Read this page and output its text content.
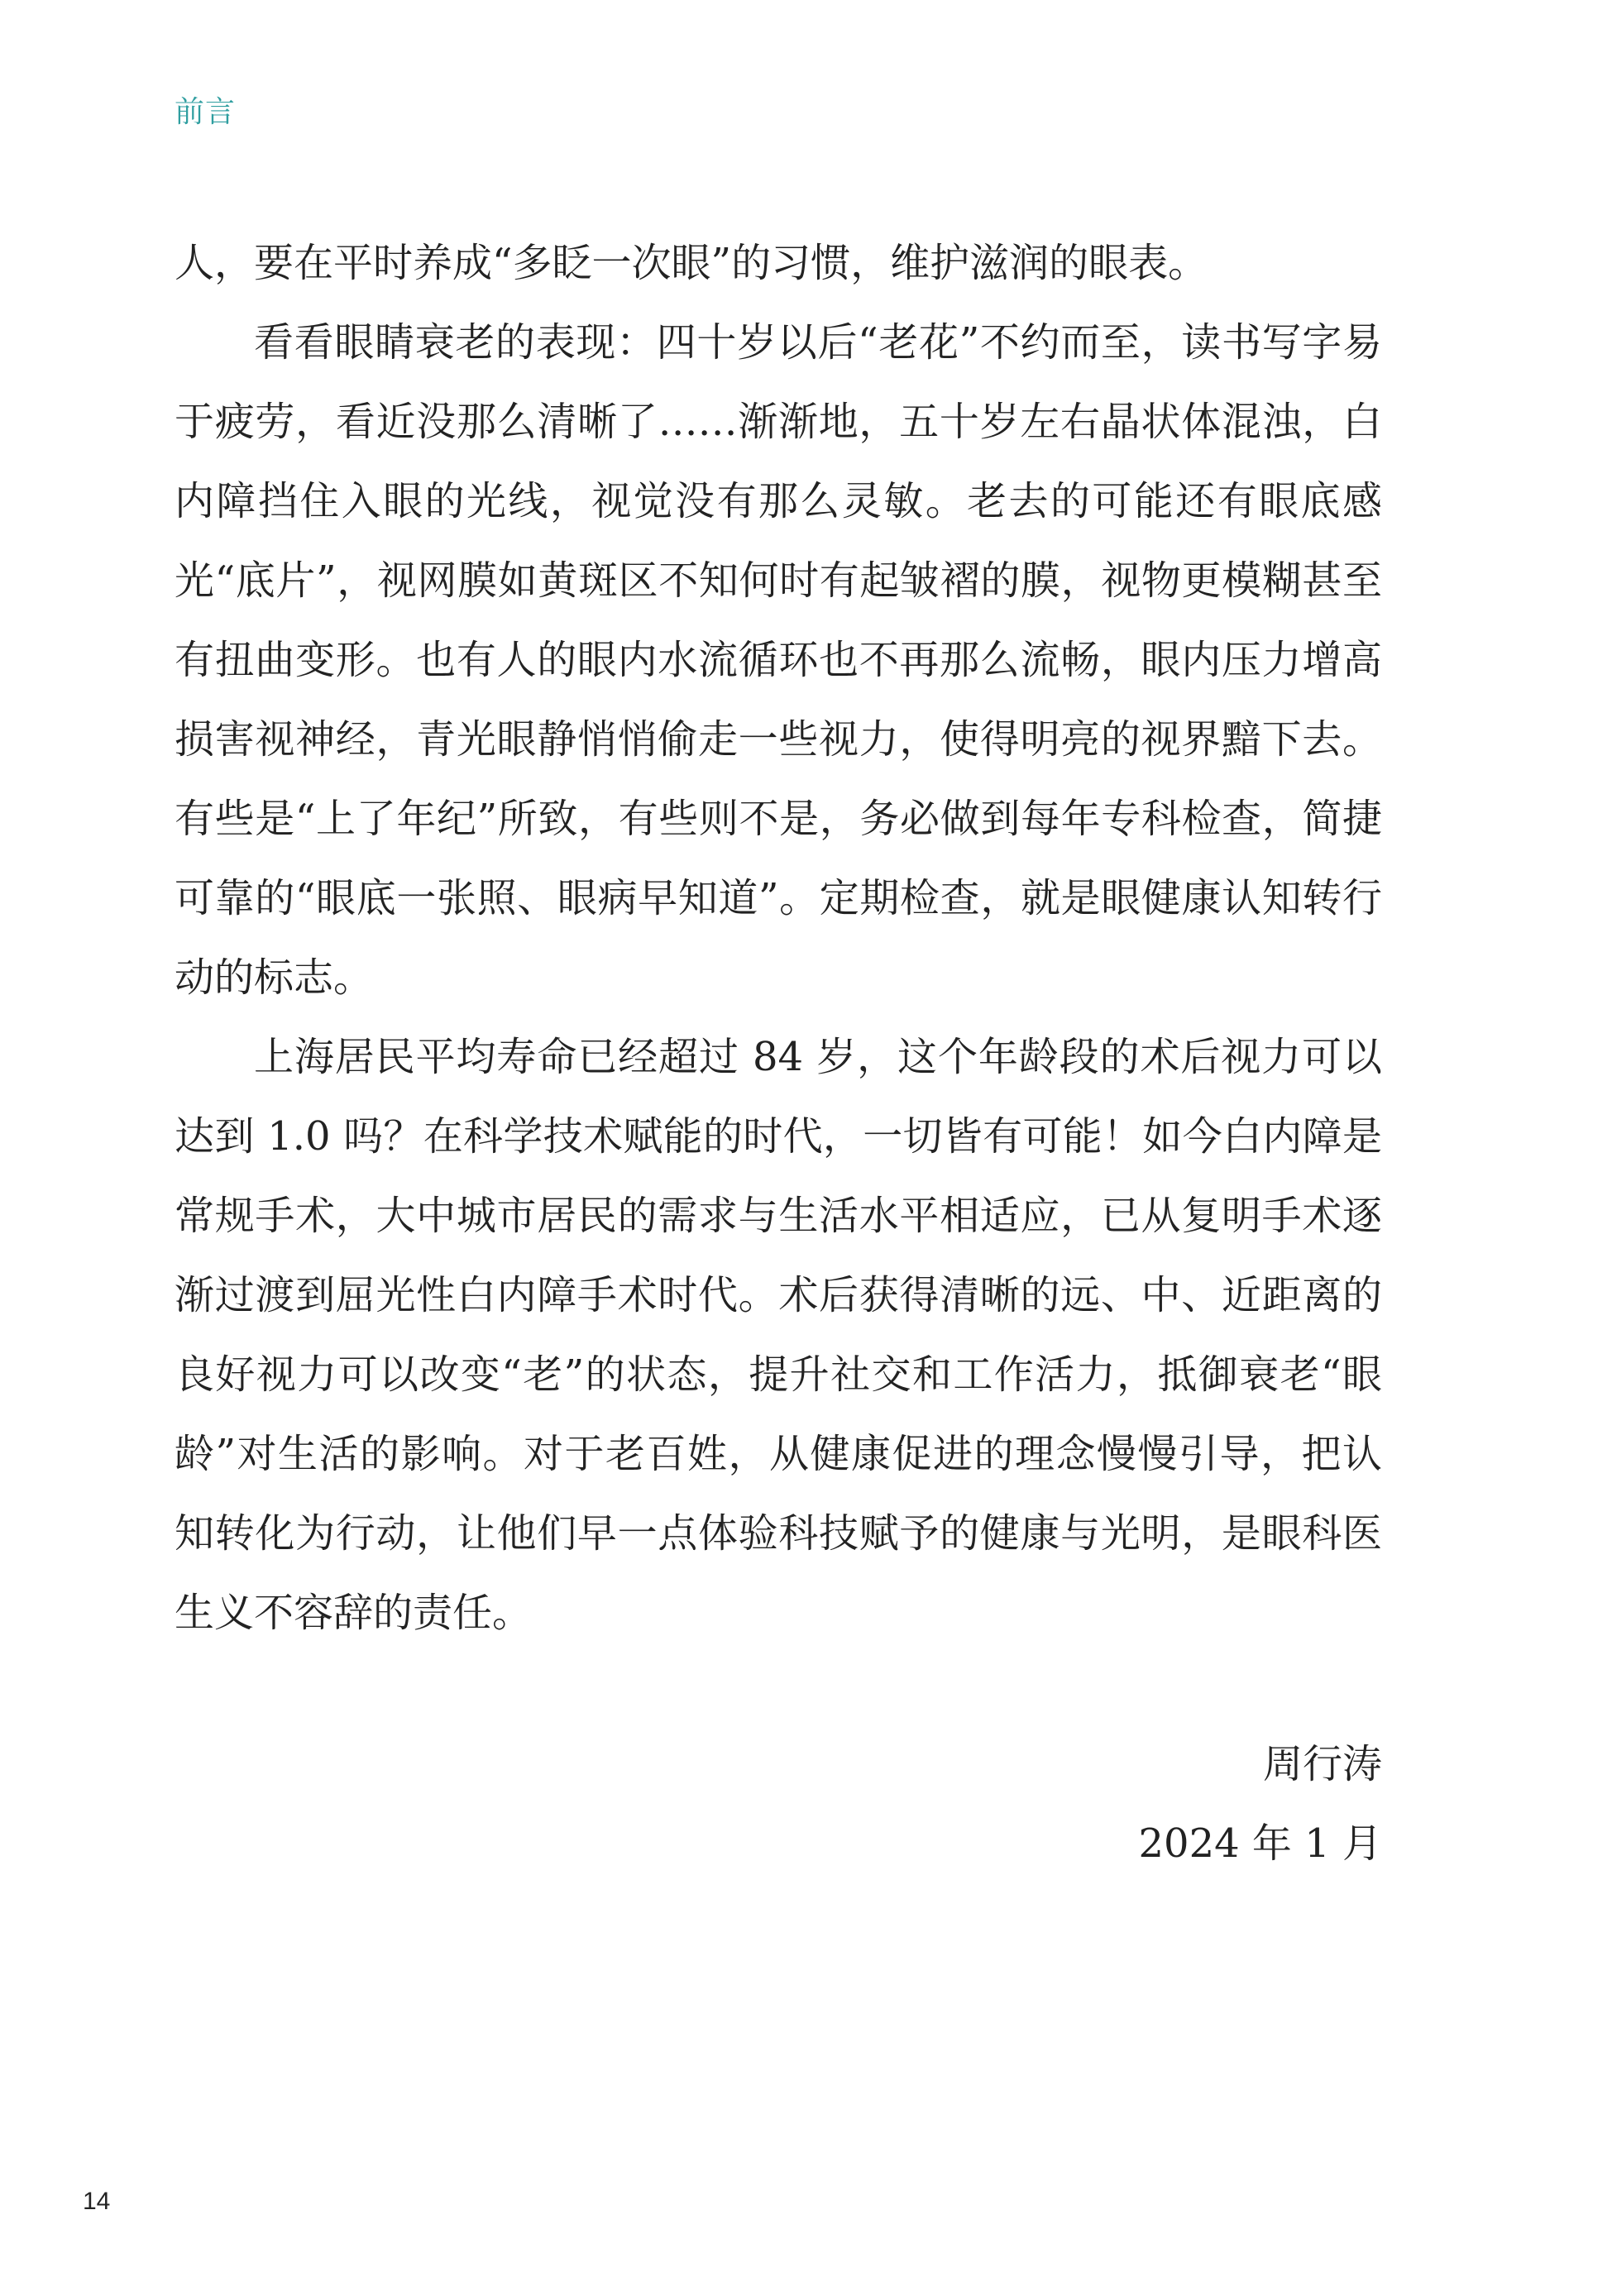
前言

人，要在平时养成“多眨一次眼”的习惯，维护滋润的眼表。

看看眼睛衰老的表现：四十岁以后“老花”不约而至，读书写字易于疲劳，看近没那么清晰了……渐渐地，五十岁左右晶状体混浊，白内障挡住入眼的光线，视觉没有那么灵敏。老去的可能还有眼底感光“底片”，视网膜如黄斑区不知何时有起皱褶的膜，视物更模糊甚至有扭曲变形。也有人的眼内水流循环也不再那么流畅，眼内压力增高损害视神经，青光眼静悄悄偷走一些视力，使得明亮的视界黯下去。有些是“上了年纪”所致，有些则不是，务必做到每年专科检查，简捷可靠的“眼底一张照、眼病早知道”。定期检查，就是眼健康认知转行动的标志。

上海居民平均寿命已经超过 84 岁，这个年龄段的术后视力可以达到 1.0 吗？在科学技术赋能的时代，一切皆有可能！如今白内障是常规手术，大中城市居民的需求与生活水平相适应，已从复明手术逐渐过渡到屈光性白内障手术时代。术后获得清晰的远、中、近距离的良好视力可以改变“老”的状态，提升社交和工作活力，抵御衰老“眼龄”对生活的影响。对于老百姓，从健康促进的理念慢慢引导，把认知转化为行动，让他们早一点体验科技赋予的健康与光明，是眼科医生义不容辞的责任。

周行涛
2024 年 1 月
14
